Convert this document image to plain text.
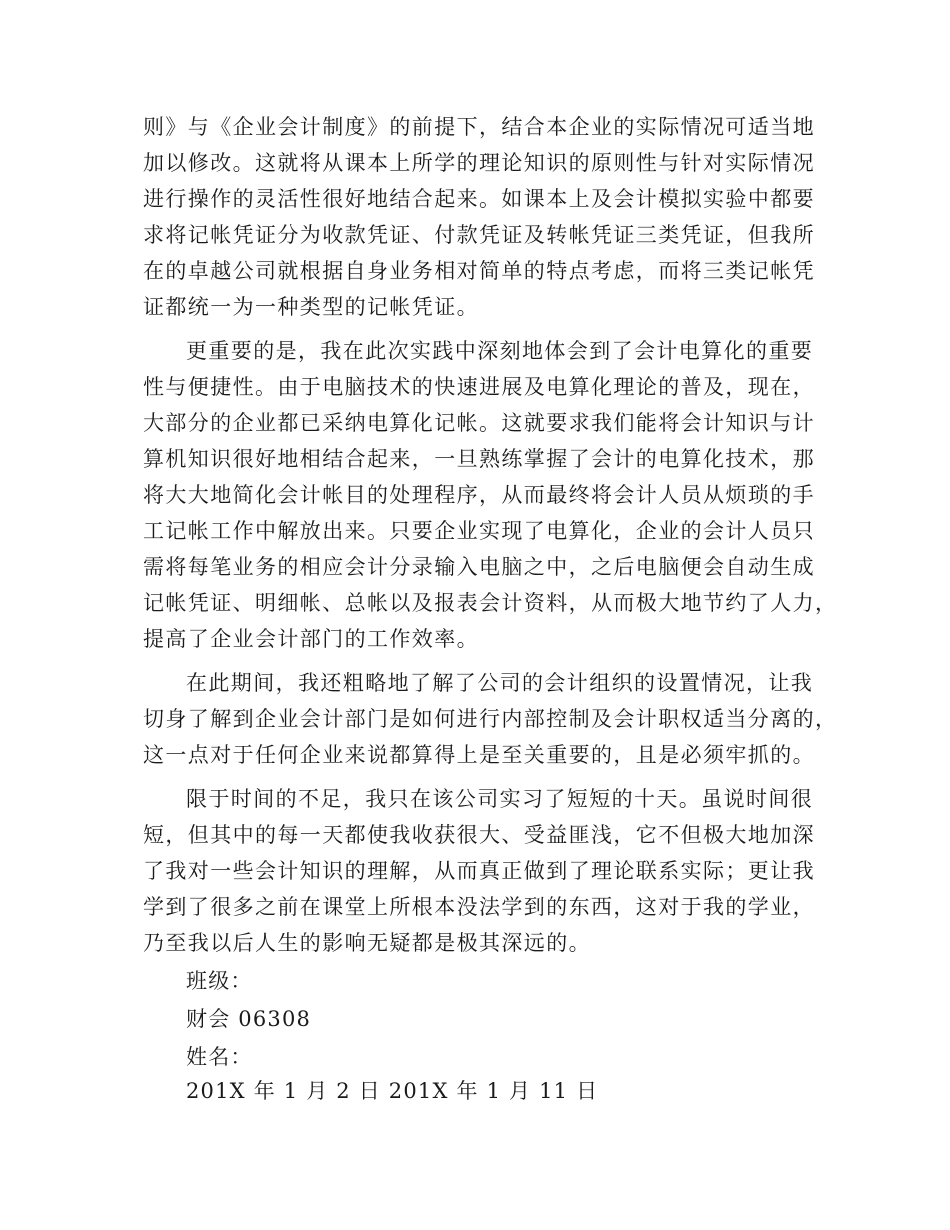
则》与《企业会计制度》的前提下，结合本企业的实际情况可适当地
加以修改。这就将从课本上所学的理论知识的原则性与针对实际情况
进行操作的灵活性很好地结合起来。如课本上及会计模拟实验中都要
求将记帐凭证分为收款凭证、付款凭证及转帐凭证三类凭证，但我所
在的卓越公司就根据自身业务相对简单的特点考虑，而将三类记帐凭
证都统一为一种类型的记帐凭证。
更重要的是，我在此次实践中深刻地体会到了会计电算化的重要
性与便捷性。由于电脑技术的快速进展及电算化理论的普及，现在，
大部分的企业都已采纳电算化记帐。这就要求我们能将会计知识与计
算机知识很好地相结合起来，一旦熟练掌握了会计的电算化技术，那
将大大地简化会计帐目的处理程序，从而最终将会计人员从烦琐的手
工记帐工作中解放出来。只要企业实现了电算化，企业的会计人员只
需将每笔业务的相应会计分录输入电脑之中，之后电脑便会自动生成
记帐凭证、明细帐、总帐以及报表会计资料，从而极大地节约了人力，
提高了企业会计部门的工作效率。
在此期间，我还粗略地了解了公司的会计组织的设置情况，让我
切身了解到企业会计部门是如何进行内部控制及会计职权适当分离的，
这一点对于任何企业来说都算得上是至关重要的，且是必须牢抓的。
限于时间的不足，我只在该公司实习了短短的十天。虽说时间很
短，但其中的每一天都使我收获很大、受益匪浅，它不但极大地加深
了我对一些会计知识的理解，从而真正做到了理论联系实际；更让我
学到了很多之前在课堂上所根本没法学到的东西，这对于我的学业，
乃至我以后人生的影响无疑都是极其深远的。
班级：
财会 06308
姓名：
201X 年 1 月 2 日 201X 年 1 月 11 日
